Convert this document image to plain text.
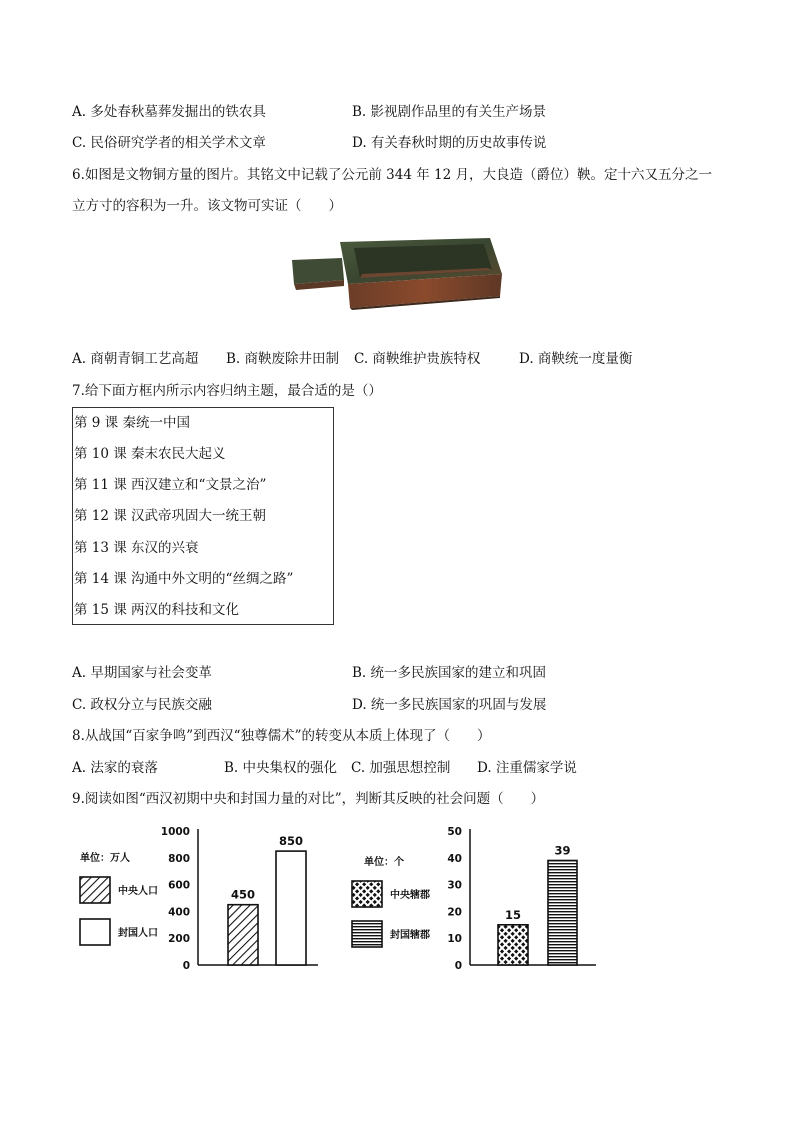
A. 多处春秋墓葬发掘出的铁农具	B. 影视剧作品里的有关生产场景
C. 民俗研究学者的相关学术文章	D. 有关春秋时期的历史故事传说
6.如图是文物铜方量的图片。其铭文中记载了公元前 344 年 12 月，大良造（爵位）鞅。定十六又五分之一
立方寸的容积为一升。该文物可实证（　　）
A. 商朝青铜工艺高超 B. 商鞅废除井田制 C. 商鞅维护贵族特权	D. 商鞅统一度量衡
7.给下面方框内所示内容归纳主题，最合适的是（）
第 9 课 秦统一中国
第 10 课 秦末农民大起义
第 11 课 西汉建立和“文景之治”
第 12 课 汉武帝巩固大一统王朝
第 13 课 东汉的兴衰
第 14 课 沟通中外文明的“丝绸之路”
第 15 课 两汉的科技和文化
A. 早期国家与社会变革	B. 统一多民族国家的建立和巩固
C. 政权分立与民族交融	D. 统一多民族国家的巩固与发展
8.从战国“百家争鸣”到西汉“独尊儒术”的转变从本质上体现了（　　）
A. 法家的衰落	B. 中央集权的强化 C. 加强思想控制 D. 注重儒家学说
9.阅读如图“西汉初期中央和封国力量的对比”，判断其反映的社会问题（　　）
0
200
400
600
800
1000
450
850
单位：万人
中央人口
封国人口
0
10
20
30
40
50
15
39
单位：个
中央辖郡
封国辖郡
